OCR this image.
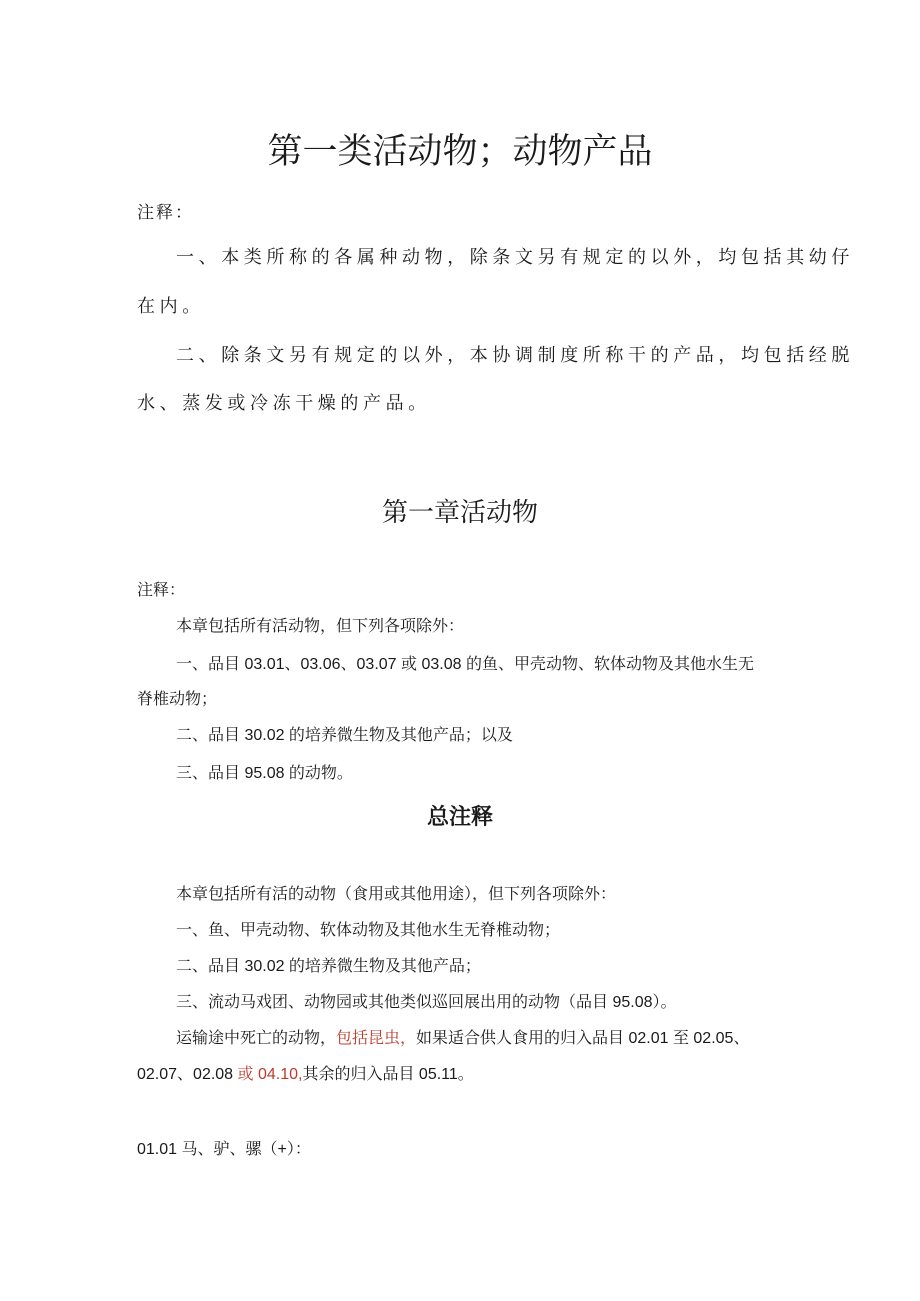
第一类活动物；动物产品
注释：
一、本类所称的各属种动物，除条文另有规定的以外，均包括其幼仔
在内。
二、除条文另有规定的以外，本协调制度所称干的产品，均包括经脱
水、蒸发或冷冻干燥的产品。
第一章活动物
注释：
本章包括所有活动物，但下列各项除外：
一、品目 03.01、03.06、03.07 或 03.08 的鱼、甲壳动物、软体动物及其他水生无
脊椎动物；
二、品目 30.02 的培养微生物及其他产品；以及
三、品目 95.08 的动物。
总注释
本章包括所有活的动物（食用或其他用途），但下列各项除外：
一、鱼、甲壳动物、软体动物及其他水生无脊椎动物；
二、品目 30.02 的培养微生物及其他产品；
三、流动马戏团、动物园或其他类似巡回展出用的动物（品目 95.08）。
运输途中死亡的动物，包括昆虫，如果适合供人食用的归入品目 02.01 至 02.05、
02.07、02.08 或 04.10,其余的归入品目 05.11。
01.01 马、驴、骡（+）：
